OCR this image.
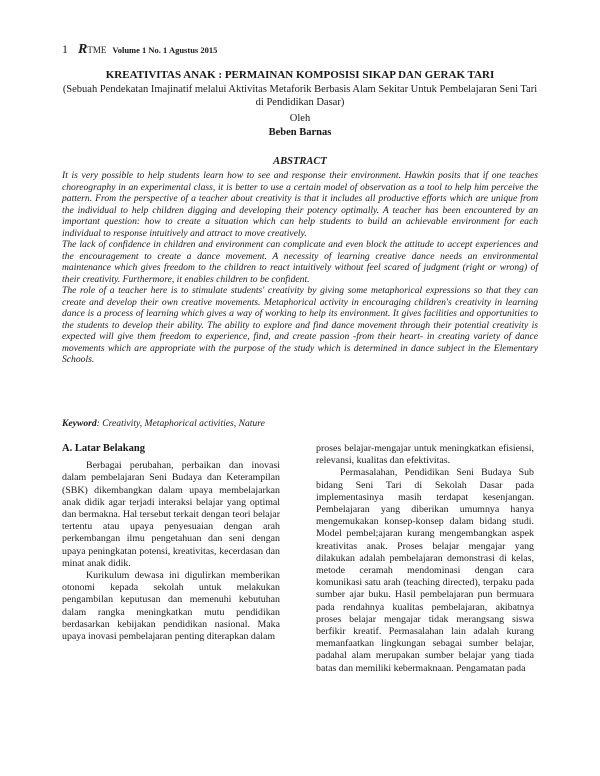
1 R TME Volume 1 No. 1 Agustus 2015
KREATIVITAS ANAK : PERMAINAN KOMPOSISI SIKAP DAN GERAK TARI
(Sebuah Pendekatan Imajinatif melalui Aktivitas Metaforik Berbasis Alam Sekitar Untuk Pembelajaran Seni Tari di Pendidikan Dasar)
Oleh
Beben Barnas
ABSTRACT

It is very possible to help students learn how to see and response their environment. Hawkin posits that if one teaches choreography in an experimental class, it is better to use a certain model of observation as a tool to help him perceive the pattern. From the perspective of a teacher about creativity is that it includes all productive efforts which are unique from the individual to help children digging and developing their potency optimally. A teacher has been encountered by an important question: how to create a situation which can help students to build an achievable environment for each individual to response intuitively and attract to move creatively.

The lack of confidence in children and environment can complicate and even block the attitude to accept experiences and the encouragement to create a dance movement. A necessity of learning creative dance needs an environmental maintenance which gives freedom to the children to react intuitively without feel scared of judgment (right or wrong) of their creativity. Furthermore, it enables children to be confident.

The role of a teacher here is to stimulate students' creativity by giving some metaphorical expressions so that they can create and develop their own creative movements. Metaphorical activity in encouraging children's creativity in learning dance is a process of learning which gives a way of working to help its environment. It gives facilities and opportunities to the students to develop their ability. The ability to explore and find dance movement through their potential creativity is expected will give them freedom to experience, find, and create passion -from their heart- in creating variety of dance movements which are appropriate with the purpose of the study which is determined in dance subject in the Elementary Schools.

Keyword: Creativity, Metaphorical activities, Nature
A. Latar Belakang

Berbagai perubahan, perbaikan dan inovasi dalam pembelajaran Seni Budaya dan Keterampilan (SBK) dikembangkan dalam upaya membelajarkan anak didik agar terjadi interaksi belajar yang optimal dan bermakna. Hal tersebut terkait dengan teori belajar tertentu atau upaya penyesuaian dengan arah perkembangan ilmu pengetahuan dan seni dengan upaya peningkatan potensi, kreativitas, kecerdasan dan minat anak didik.

Kurikulum dewasa ini digulirkan memberikan otonomi kepada sekolah untuk melakukan pengambilan keputusan dan memenuhi kebutuhan dalam rangka meningkatkan mutu pendidikan berdasarkan kebijakan pendidikan nasional. Maka upaya inovasi pembelajaran penting diterapkan dalam

proses belajar-mengajar untuk meningkatkan efisiensi, relevansi, kualitas dan efektivitas.

Permasalahan, Pendidikan Seni Budaya Sub bidang Seni Tari di Sekolah Dasar pada implementasinya masih terdapat kesenjangan. Pembelajaran yang diberikan umumnya hanya mengemukakan konsep-konsep dalam bidang studi. Model pembel;ajaran kurang mengembangkan aspek kreativitas anak. Proses belajar mengajar yang dilakukan adalah pembelajaran demonstrasi di kelas, metode ceramah mendominasi dengan cara komunikasi satu arah (teaching directed), terpaku pada sumber ajar buku. Hasil pembelajaran pun bermuara pada rendahnya kualitas pembelajaran, akibatnya proses belajar mengajar tidak merangsang siswa berfikir kreatif. Permasalahan lain adalah kurang memanfaatkan lingkungan sebagai sumber belajar, padahal alam merupakan sumber belajar yang tiada batas dan memiliki kebermaknaan. Pengamatan pada
